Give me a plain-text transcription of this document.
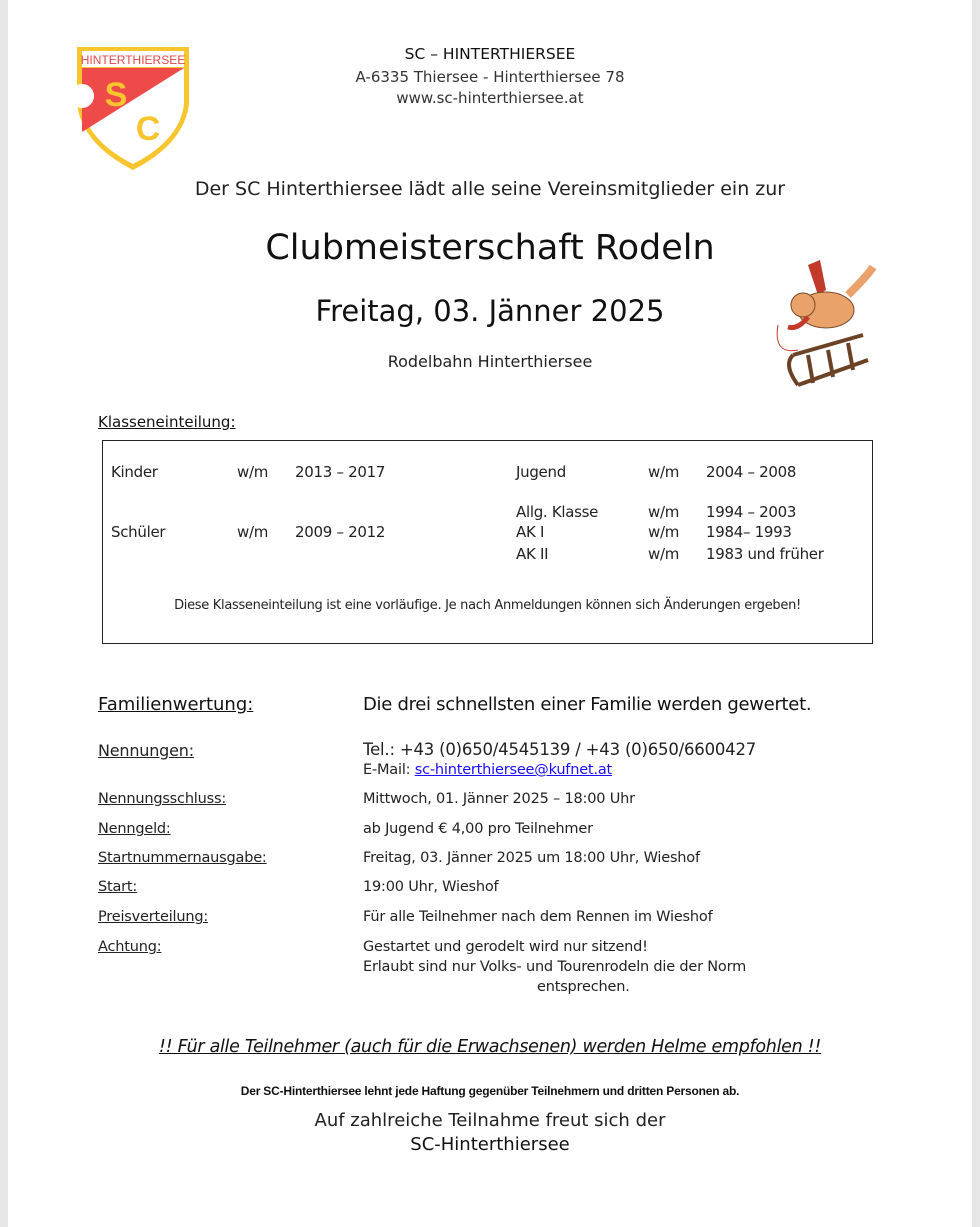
HINTERTHIERSEE
S
C
SC – HINTERTHIERSEE
A-6335 Thiersee - Hinterthiersee 78
www.sc-hinterthiersee.at
Der SC Hinterthiersee lädt alle seine Vereinsmitglieder ein zur
Clubmeisterschaft Rodeln
Freitag, 03. Jänner 2025
Rodelbahn Hinterthiersee
Klasseneinteilung:
Kinder	w/m 2013 – 2017
Schüler	w/m 2009 – 2012
Jugend	w/m 2004 – 2008
Allg. Klasse	w/m 1994 – 2003
AK I	w/m 1984– 1993
AK II	w/m 1983 und früher
Diese Klasseneinteilung ist eine vorläufige. Je nach Anmeldungen können sich Änderungen ergeben!
Familienwertung:	Die drei schnellsten einer Familie werden gewertet.
Nennungen:	Tel.: +43 (0)650/4545139 / +43 (0)650/6600427
E-Mail: sc-hinterthiersee@kufnet.at
Nennungsschluss:	Mittwoch, 01. Jänner 2025 – 18:00 Uhr
Nenngeld:	ab Jugend € 4,00 pro Teilnehmer
Startnummernausgabe:	Freitag, 03. Jänner 2025 um 18:00 Uhr, Wieshof
Start:	19:00 Uhr, Wieshof
Preisverteilung:	Für alle Teilnehmer nach dem Rennen im Wieshof
Achtung:	Gestartet und gerodelt wird nur sitzend!
Erlaubt sind nur Volks- und Tourenrodeln die der Norm
entsprechen.
!! Für alle Teilnehmer (auch für die Erwachsenen) werden Helme empfohlen !!
Der SC-Hinterthiersee lehnt jede Haftung gegenüber Teilnehmern und dritten Personen ab.
Auf zahlreiche Teilnahme freut sich der
SC-Hinterthiersee
